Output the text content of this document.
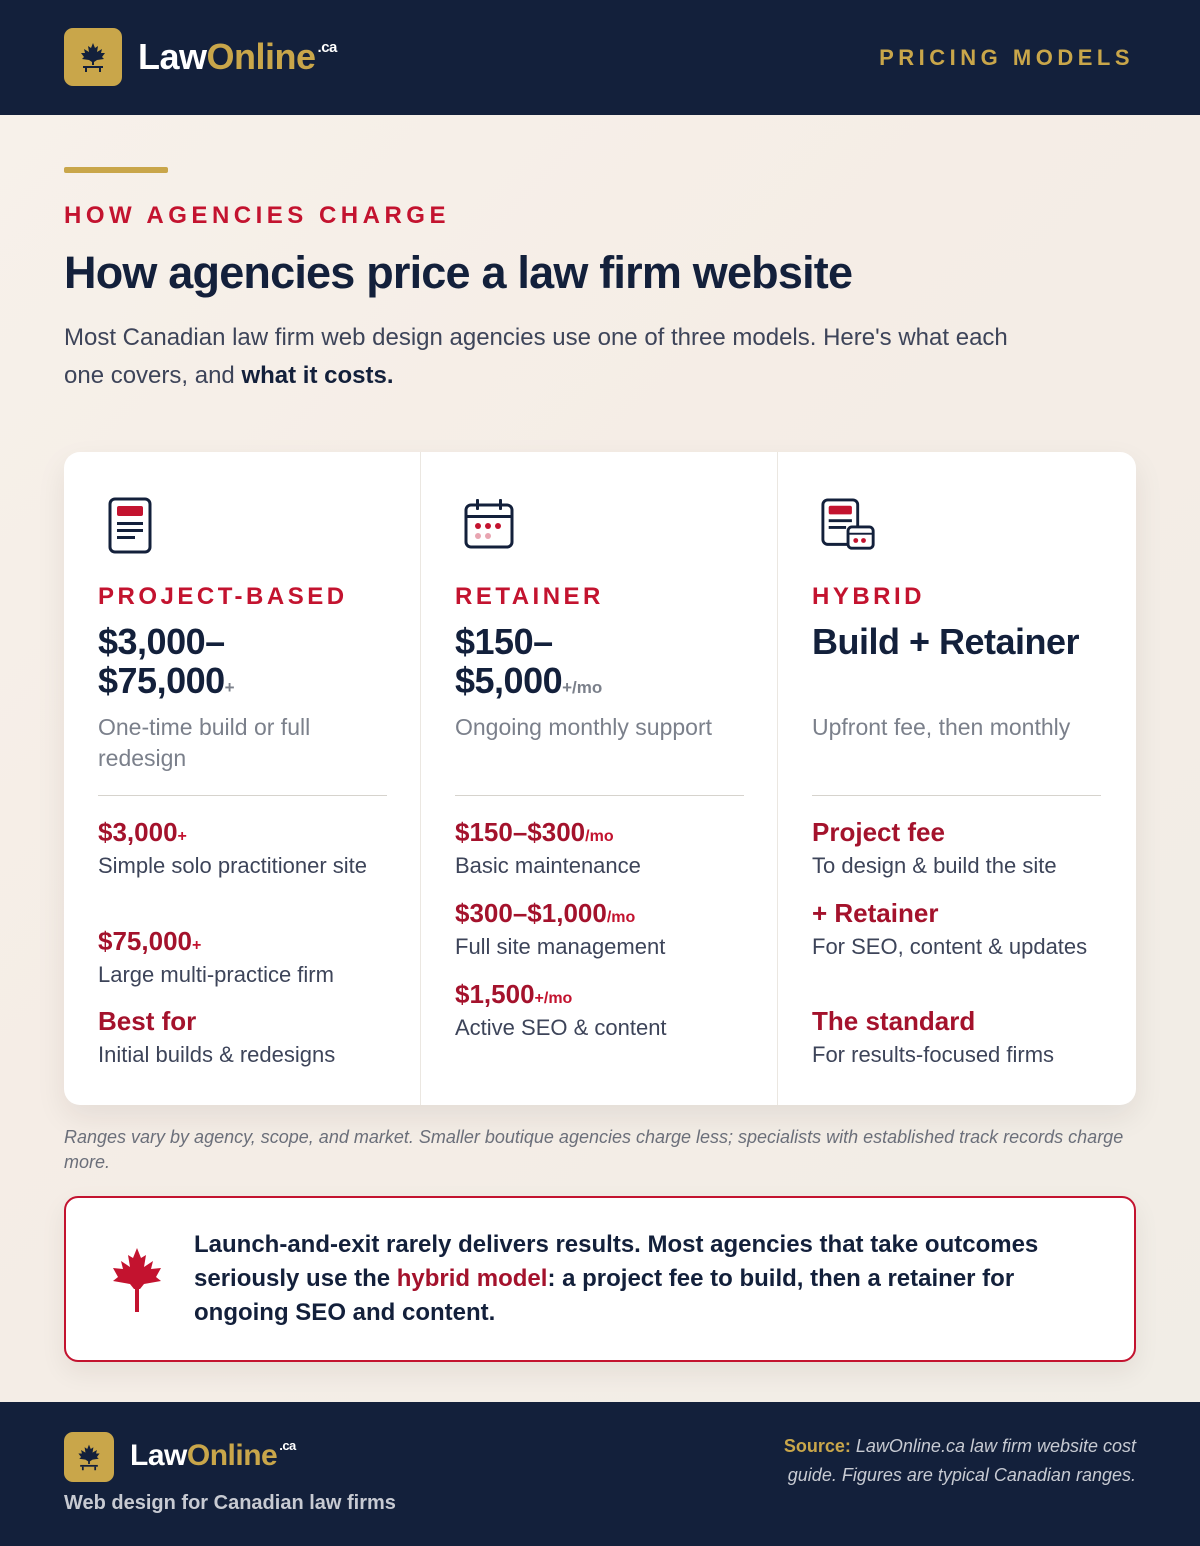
LawOnline $^{.ca}$	PRICING MODELS
HOW AGENCIES CHARGE
How agencies price a law firm website

Most Canadian law firm web design agencies use one of three models. Here's what each one covers, and what it costs.

PROJECT-BASED
$3,000–
$75,000+
One-time build or full redesign
$3,000+
Simple solo practitioner site
$75,000+
Large multi-practice firm
Best for
Initial builds & redesigns
RETAINER
$150–
$5,000+/mo
Ongoing monthly support
$150–$300/mo
Basic maintenance
$300–$1,000/mo
Full site management
$1,500+/mo
Active SEO & content
HYBRID
Build + Retainer
Upfront fee, then monthly
Project fee
To design & build the site
+ Retainer
For SEO, content & updates
The standard
For results-focused firms

Ranges vary by agency, scope, and market. Smaller boutique agencies charge less; specialists with established track records charge more.

Launch-and-exit rarely delivers results. Most agencies that take outcomes seriously use the hybrid model: a project fee to build, then a retainer for ongoing SEO and content.

LawOnline $^{.ca}$
Web design for Canadian law firms
Source: LawOnline.ca law firm website cost guide. Figures are typical Canadian ranges.
